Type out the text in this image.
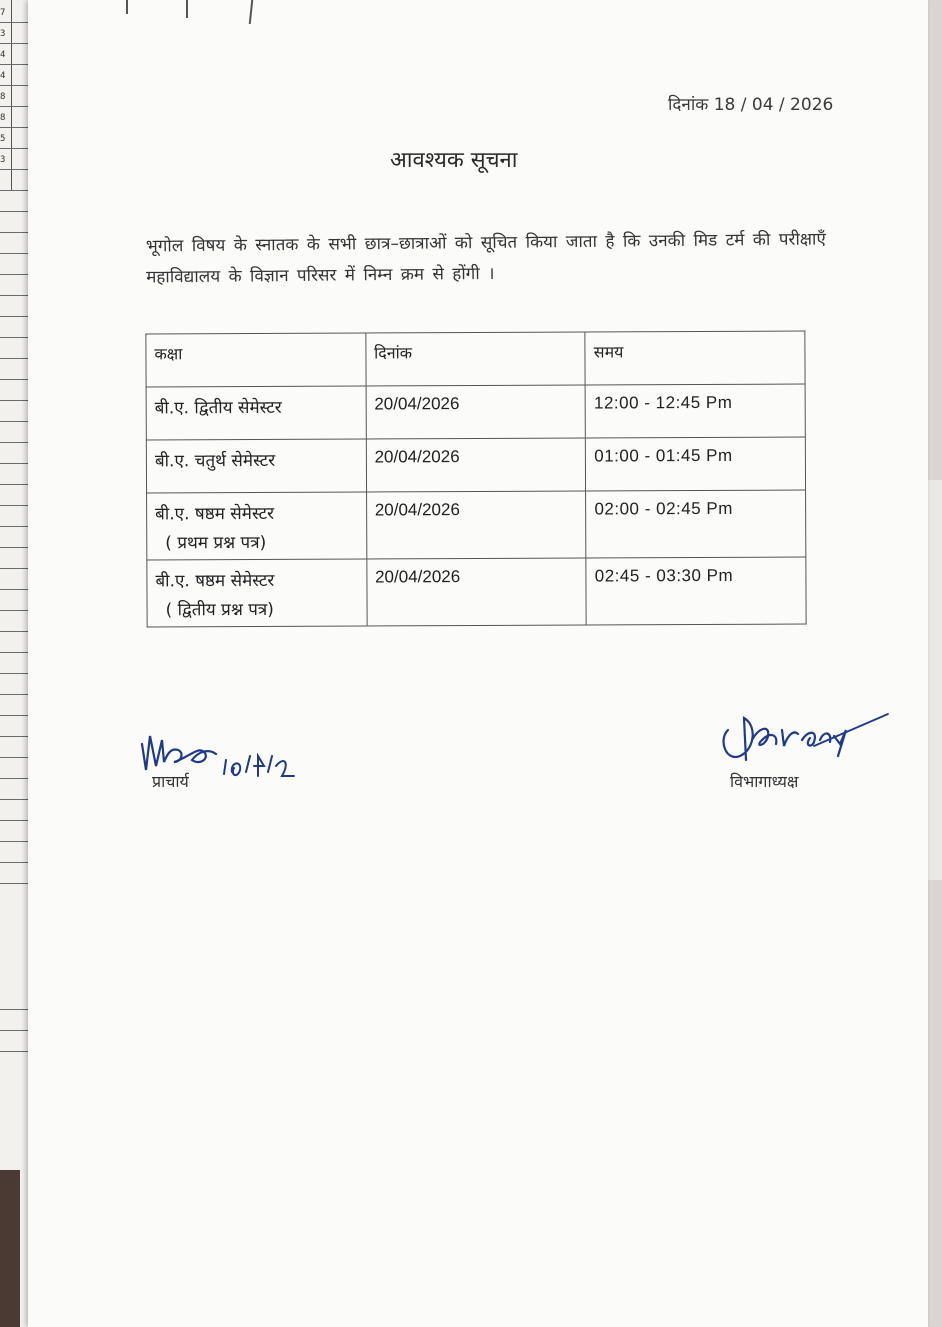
7
3
4
4
8
8
5
3
दिनांक 18 / 04 / 2026
आवश्यक सूचना
भूगोल विषय के स्नातक के सभी छात्र–छात्राओं को सूचित किया जाता है कि उनकी मिड टर्म की परीक्षाएँ महाविद्यालय के विज्ञान परिसर में निम्न क्रम से होंगी ।
कक्षा	दिनांक	समय
बी.ए. द्वितीय सेमेस्टर	20/04/2026	12:00 - 12:45 Pm
बी.ए. चतुर्थ सेमेस्टर	20/04/2026	01:00 - 01:45 Pm
बी.ए. षष्ठम सेमेस्टर
( प्रथम प्रश्न पत्र)	20/04/2026	02:00 - 02:45 Pm
बी.ए. षष्ठम सेमेस्टर
( द्वितीय प्रश्न पत्र)	20/04/2026	02:45 - 03:30 Pm
प्राचार्य	विभागाध्यक्ष
